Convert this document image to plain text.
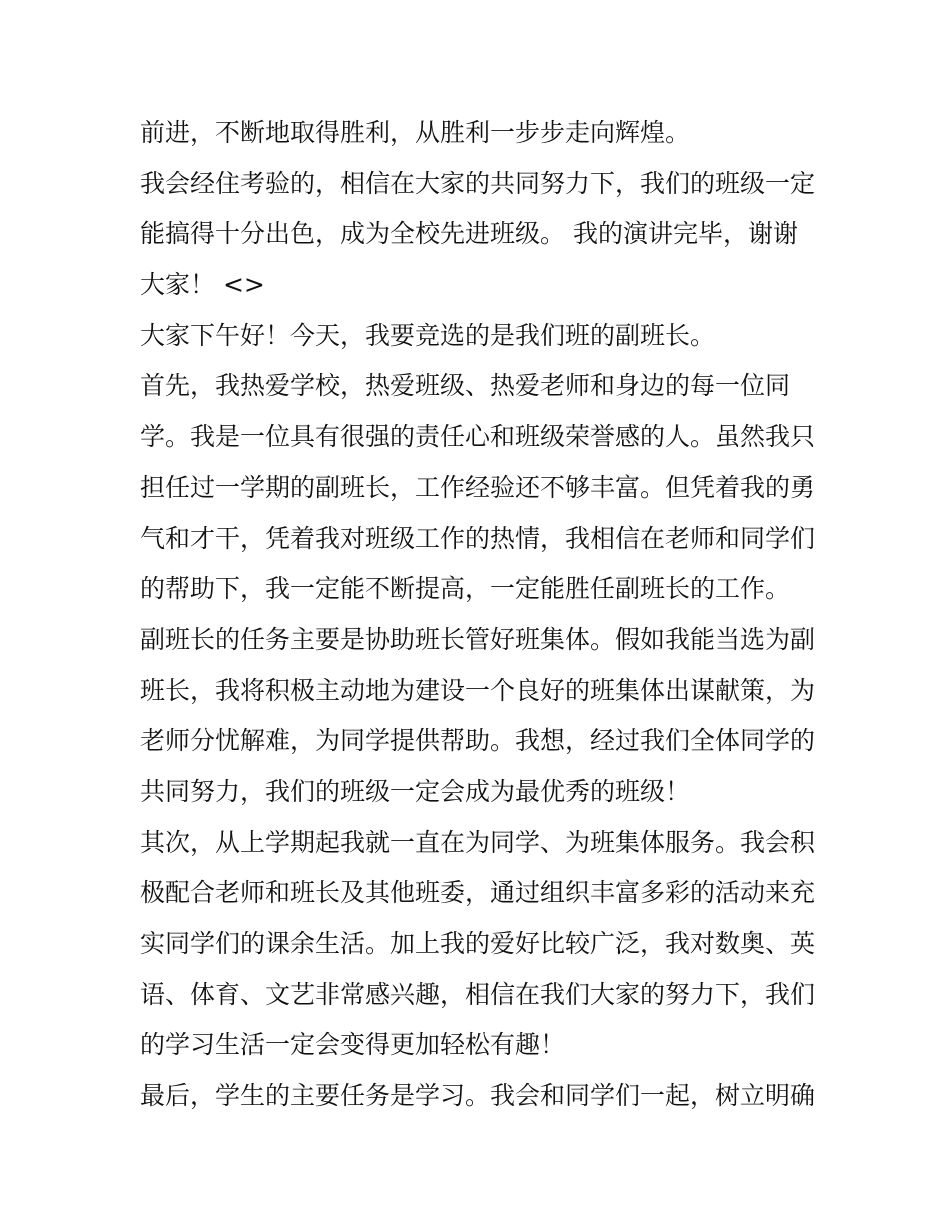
前进，不断地取得胜利，从胜利一步步走向辉煌。
我会经住考验的，相信在大家的共同努力下，我们的班级一定
能搞得十分出色，成为全校先进班级。 我的演讲完毕，谢谢
大家！ <>
大家下午好！今天，我要竞选的是我们班的副班长。
首先，我热爱学校，热爱班级、热爱老师和身边的每一位同
学。我是一位具有很强的责任心和班级荣誉感的人。虽然我只
担任过一学期的副班长，工作经验还不够丰富。但凭着我的勇
气和才干，凭着我对班级工作的热情，我相信在老师和同学们
的帮助下，我一定能不断提高，一定能胜任副班长的工作。
副班长的任务主要是协助班长管好班集体。假如我能当选为副
班长，我将积极主动地为建设一个良好的班集体出谋献策，为
老师分忧解难，为同学提供帮助。我想，经过我们全体同学的
共同努力，我们的班级一定会成为最优秀的班级！
其次，从上学期起我就一直在为同学、为班集体服务。我会积
极配合老师和班长及其他班委，通过组织丰富多彩的活动来充
实同学们的课余生活。加上我的爱好比较广泛，我对数奥、英
语、体育、文艺非常感兴趣，相信在我们大家的努力下，我们
的学习生活一定会变得更加轻松有趣！
最后，学生的主要任务是学习。我会和同学们一起，树立明确
